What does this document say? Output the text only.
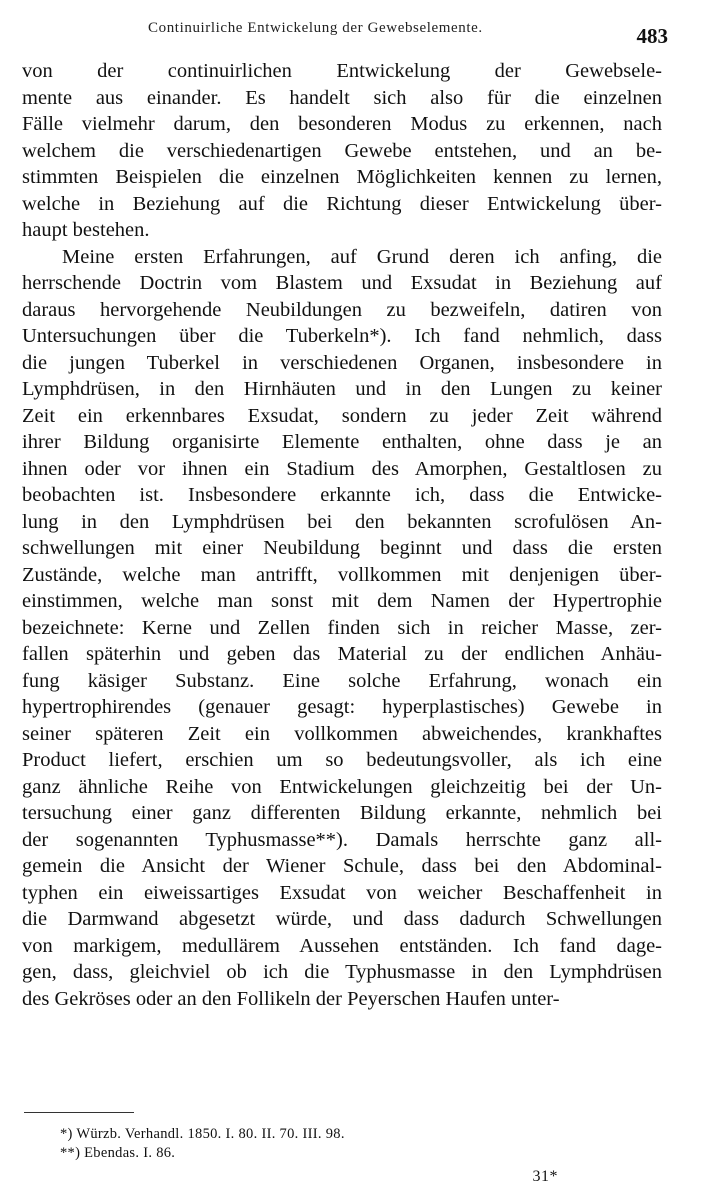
Continuirliche Entwickelung der Gewebselemente.	483
von der continuirlichen Entwickelung der Gewebsele-
mente aus einander. Es handelt sich also für die einzelnen
Fälle vielmehr darum, den besonderen Modus zu erkennen, nach
welchem die verschiedenartigen Gewebe entstehen, und an be-
stimmten Beispielen die einzelnen Möglichkeiten kennen zu lernen,
welche in Beziehung auf die Richtung dieser Entwickelung über-
haupt bestehen.
Meine ersten Erfahrungen, auf Grund deren ich anfing, die
herrschende Doctrin vom Blastem und Exsudat in Beziehung auf
daraus hervorgehende Neubildungen zu bezweifeln, datiren von
Untersuchungen über die Tuberkeln*). Ich fand nehmlich, dass
die jungen Tuberkel in verschiedenen Organen, insbesondere in
Lymphdrüsen, in den Hirnhäuten und in den Lungen zu keiner
Zeit ein erkennbares Exsudat, sondern zu jeder Zeit während
ihrer Bildung organisirte Elemente enthalten, ohne dass je an
ihnen oder vor ihnen ein Stadium des Amorphen, Gestaltlosen zu
beobachten ist. Insbesondere erkannte ich, dass die Entwicke-
lung in den Lymphdrüsen bei den bekannten scrofulösen An-
schwellungen mit einer Neubildung beginnt und dass die ersten
Zustände, welche man antrifft, vollkommen mit denjenigen über-
einstimmen, welche man sonst mit dem Namen der Hypertrophie
bezeichnete: Kerne und Zellen finden sich in reicher Masse, zer-
fallen späterhin und geben das Material zu der endlichen Anhäu-
fung käsiger Substanz. Eine solche Erfahrung, wonach ein
hypertrophirendes (genauer gesagt: hyperplastisches) Gewebe in
seiner späteren Zeit ein vollkommen abweichendes, krankhaftes
Product liefert, erschien um so bedeutungsvoller, als ich eine
ganz ähnliche Reihe von Entwickelungen gleichzeitig bei der Un-
tersuchung einer ganz differenten Bildung erkannte, nehmlich bei
der sogenannten Typhusmasse**). Damals herrschte ganz all-
gemein die Ansicht der Wiener Schule, dass bei den Abdominal-
typhen ein eiweissartiges Exsudat von weicher Beschaffenheit in
die Darmwand abgesetzt würde, und dass dadurch Schwellungen
von markigem, medullärem Aussehen entständen. Ich fand dage-
gen, dass, gleichviel ob ich die Typhusmasse in den Lymphdrüsen
des Gekröses oder an den Follikeln der Peyerschen Haufen unter-
*) Würzb. Verhandl. 1850. I. 80. II. 70. III. 98.
**) Ebendas. I. 86.
31*
